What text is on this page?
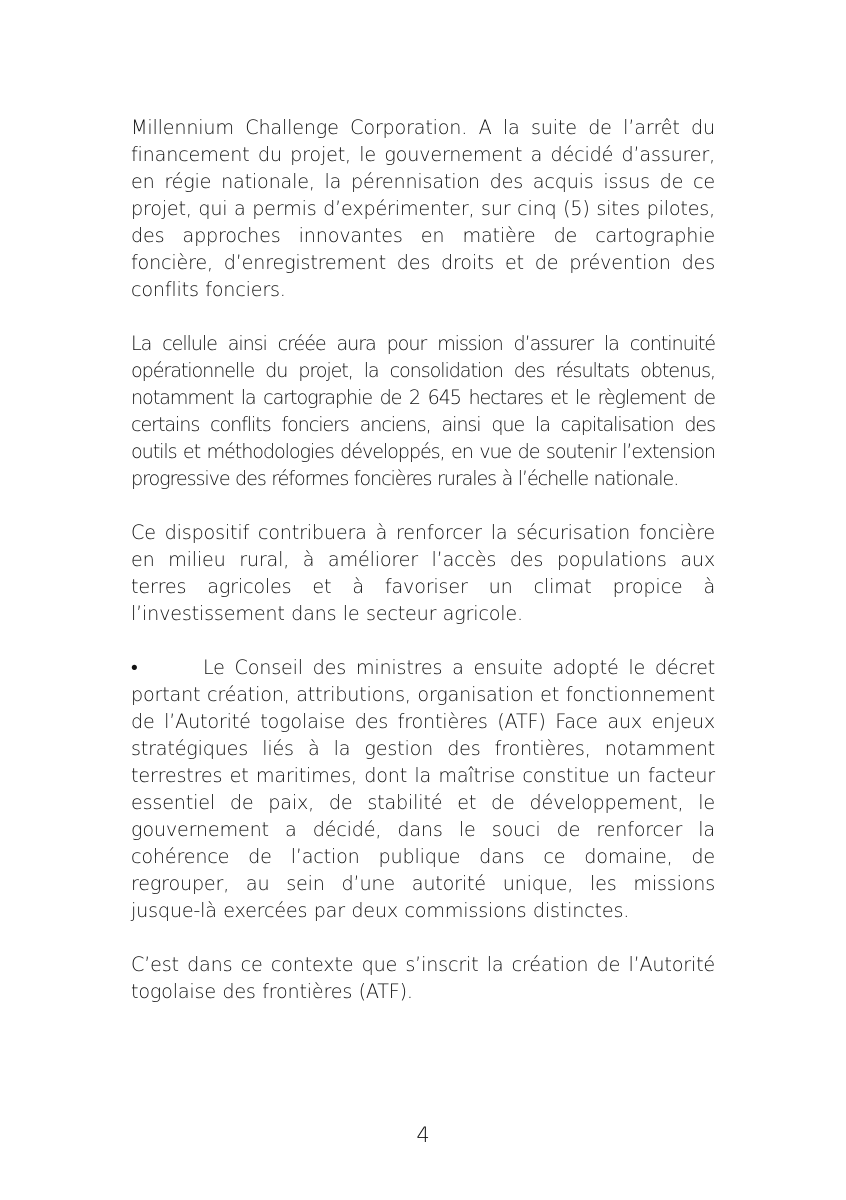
Millennium Challenge Corporation. A la suite de l’arrêt du financement du projet, le gouvernement a décidé d’assurer, en régie nationale, la pérennisation des acquis issus de ce projet, qui a permis d’expérimenter, sur cinq (5) sites pilotes, des approches innovantes en matière de cartographie foncière, d’enregistrement des droits et de prévention des conflits fonciers.

La cellule ainsi créée aura pour mission d’assurer la continuité opérationnelle du projet, la consolidation des résultats obtenus, notamment la cartographie de 2 645 hectares et le règlement de certains conflits fonciers anciens, ainsi que la capitalisation des outils et méthodologies développés, en vue de soutenir l’extension progressive des réformes foncières rurales à l’échelle nationale.

Ce dispositif contribuera à renforcer la sécurisation foncière en milieu rural, à améliorer l’accès des populations aux terres agricoles et à favoriser un climat propice à l’investissement dans le secteur agricole.

•	Le Conseil des ministres a ensuite adopté le décret portant création, attributions, organisation et fonctionnement de l’Autorité togolaise des frontières (ATF) Face aux enjeux stratégiques liés à la gestion des frontières, notamment terrestres et maritimes, dont la maîtrise constitue un facteur essentiel de paix, de stabilité et de développement, le gouvernement a décidé, dans le souci de renforcer la cohérence de l’action publique dans ce domaine, de regrouper, au sein d’une autorité unique, les missions jusque-là exercées par deux commissions distinctes.

C’est dans ce contexte que s’inscrit la création de l’Autorité togolaise des frontières (ATF).

4
